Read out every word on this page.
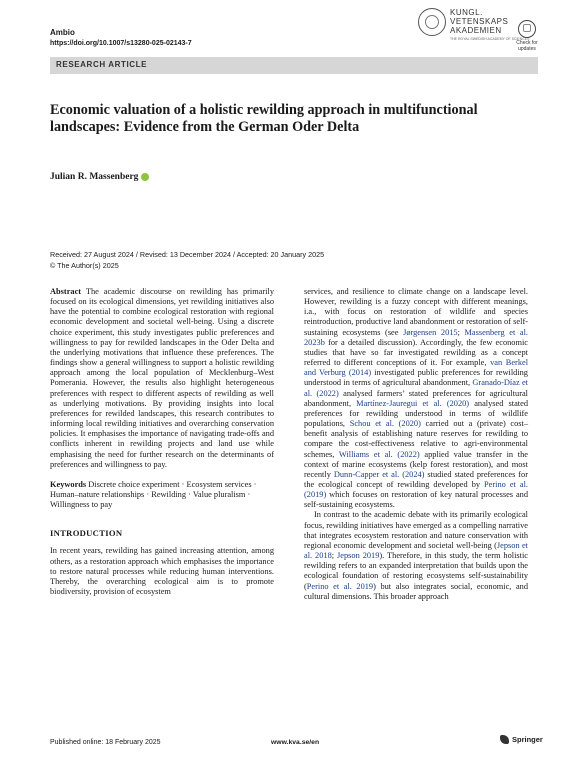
Ambio
https://doi.org/10.1007/s13280-025-02143-7
KUNGL.
VETENSKAPS
AKADEMIEN
THE ROYAL SWEDISH ACADEMY OF SCIENCES
Check for
updates
RESEARCH ARTICLE
Economic valuation of a holistic rewilding approach in multifunctional landscapes: Evidence from the German Oder Delta
Julian R. Massenberg
Received: 27 August 2024 / Revised: 13 December 2024 / Accepted: 20 January 2025
© The Author(s) 2025

Abstract The academic discourse on rewilding has primarily focused on its ecological dimensions, yet rewilding initiatives also have the potential to combine ecological restoration with regional economic development and societal well-being. Using a discrete choice experiment, this study investigates public preferences and willingness to pay for rewilded landscapes in the Oder Delta and the underlying motivations that influence these preferences. The findings show a general willingness to support a holistic rewilding approach among the local population of Mecklenburg–West Pomerania. However, the results also highlight heterogeneous preferences with respect to different aspects of rewilding as well as underlying motivations. By providing insights into local preferences for rewilded landscapes, this research contributes to informing local rewilding initiatives and overarching conservation policies. It emphasises the importance of navigating trade-offs and conflicts inherent in rewilding projects and land use while emphasising the need for further research on the determinants of preferences and willingness to pay.

Keywords Discrete choice experiment · Ecosystem services · Human–nature relationships · Rewilding · Value pluralism · Willingness to pay

INTRODUCTION

In recent years, rewilding has gained increasing attention, among others, as a restoration approach which emphasises the importance to restore natural processes while reducing human interventions. Thereby, the overarching ecological aim is to promote biodiversity, provision of ecosystem

services, and resilience to climate change on a landscape level. However, rewilding is a fuzzy concept with different meanings, i.a., with focus on restoration of wildlife and species reintroduction, productive land abandonment or restoration of self-sustaining ecosystems (see Jørgensen 2015; Massenberg et al. 2023b for a detailed discussion). Accordingly, the few economic studies that have so far investigated rewilding as a concept referred to different conceptions of it. For example, van Berkel and Verburg (2014) investigated public preferences for rewilding understood in terms of agricultural abandonment, Granado-Díaz et al. (2022) analysed farmers’ stated preferences for agricultural abandonment, Martínez-Jauregui et al. (2020) analysed stated preferences for rewilding understood in terms of wildlife populations, Schou et al. (2020) carried out a (private) cost–benefit analysis of establishing nature reserves for rewilding to compare the cost-effectiveness relative to agri-environmental schemes, Williams et al. (2022) applied value transfer in the context of marine ecosystems (kelp forest restoration), and most recently Dunn-Capper et al. (2024) studied stated preferences for the ecological concept of rewilding developed by Perino et al. (2019) which focuses on restoration of key natural processes and self-sustaining ecosystems.

In contrast to the academic debate with its primarily ecological focus, rewilding initiatives have emerged as a compelling narrative that integrates ecosystem restoration and nature conservation with regional economic development and societal well-being (Jepson et al. 2018; Jepson 2019). Therefore, in this study, the term holistic rewilding refers to an expanded interpretation that builds upon the ecological foundation of restoring ecosystems self-sustainability (Perino et al. 2019) but also integrates social, economic, and cultural dimensions. This broader approach

Published online: 18 February 2025	www.kva.se/en	Springer
